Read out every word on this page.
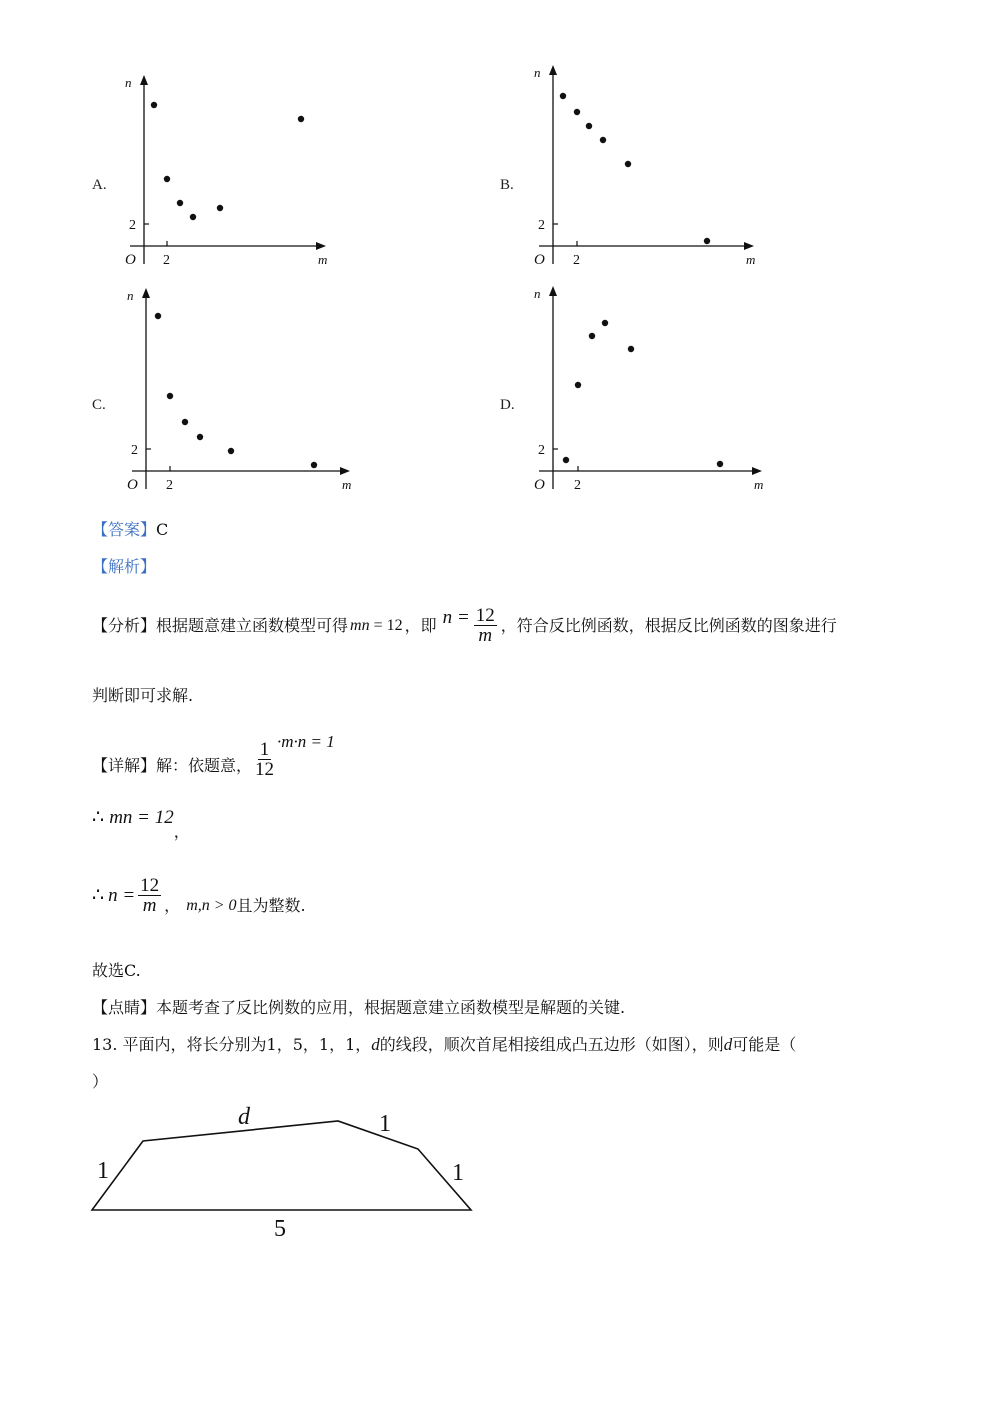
A.
n
m
O 2
2
B.
n
m
O 2
2
C.
n
m
O 2
2
D.
n
m
O 2
2
【答案】C
【解析】
【分析】 根据题意建立函数模型可得 mn = 12 ，即 $n = \frac{12}{m}$ ，符合反比例函数，根据反比例函数的图象进行
判断即可求解.
【详解】 解：依题意， $\frac{1}{12} \cdot m\cdot n = 1$
∴ mn = 12，
∴ $n = \frac{12}{m}$ ， m,n > 0 且为整数.
故选C.
【点睛】本题考查了反比例数的应用，根据题意建立函数模型是解题的关键.
13. 平面内，将长分别为1，5，1，1，d的线段，顺次首尾相接组成凸五边形（如图），则d可能是（
）
d	1
1
1
5
